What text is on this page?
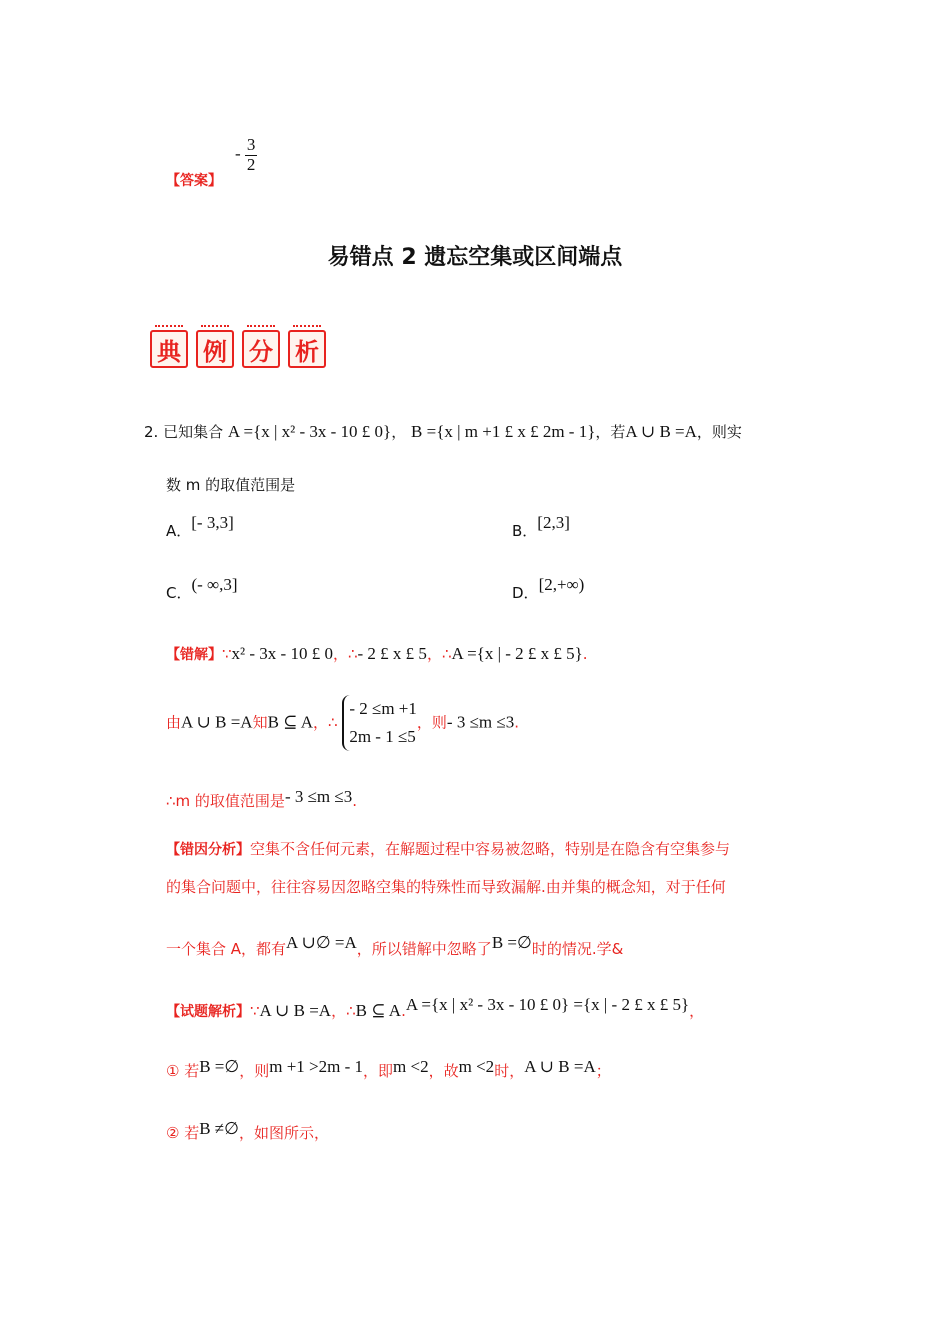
【答案】
- $\frac{3}{2}$
易错点 2 遗忘空集或区间端点
典 例 分 析
2. 已知集合 A ={x | x² - 3x - 10 £ 0}， B ={x | m +1 £ x £ 2m - 1}，若A ∪ B =A，则实
数 m 的取值范围是
A．[- 3,3]	B．[2,3]
C．(- ∞,3]	D．[2,+∞)
【错解】∵x² - 3x - 10 £ 0，∴- 2 £ x £ 5，∴A ={x | - 2 £ x £ 5}.
由A ∪ B =A知B ⊆ A，∴
- 2 ≤m +1
2m - 1 ≤5
，则- 3 ≤m ≤3.
∴m 的取值范围是- 3 ≤m ≤3.
【错因分析】空集不含任何元素，在解题过程中容易被忽略，特别是在隐含有空集参与
的集合问题中，往往容易因忽略空集的特殊性而导致漏解.由并集的概念知，对于任何
一个集合 A，都有A ∪∅ =A，所以错解中忽略了B =∅时的情况.学&
【试题解析】∵A ∪ B =A，∴B ⊆ A.A ={x | x² - 3x - 10 £ 0} ={x | - 2 £ x £ 5}，
① 若B =∅，则m +1 >2m - 1，即m <2，故m <2时，A ∪ B =A；
② 若B ≠∅，如图所示，
